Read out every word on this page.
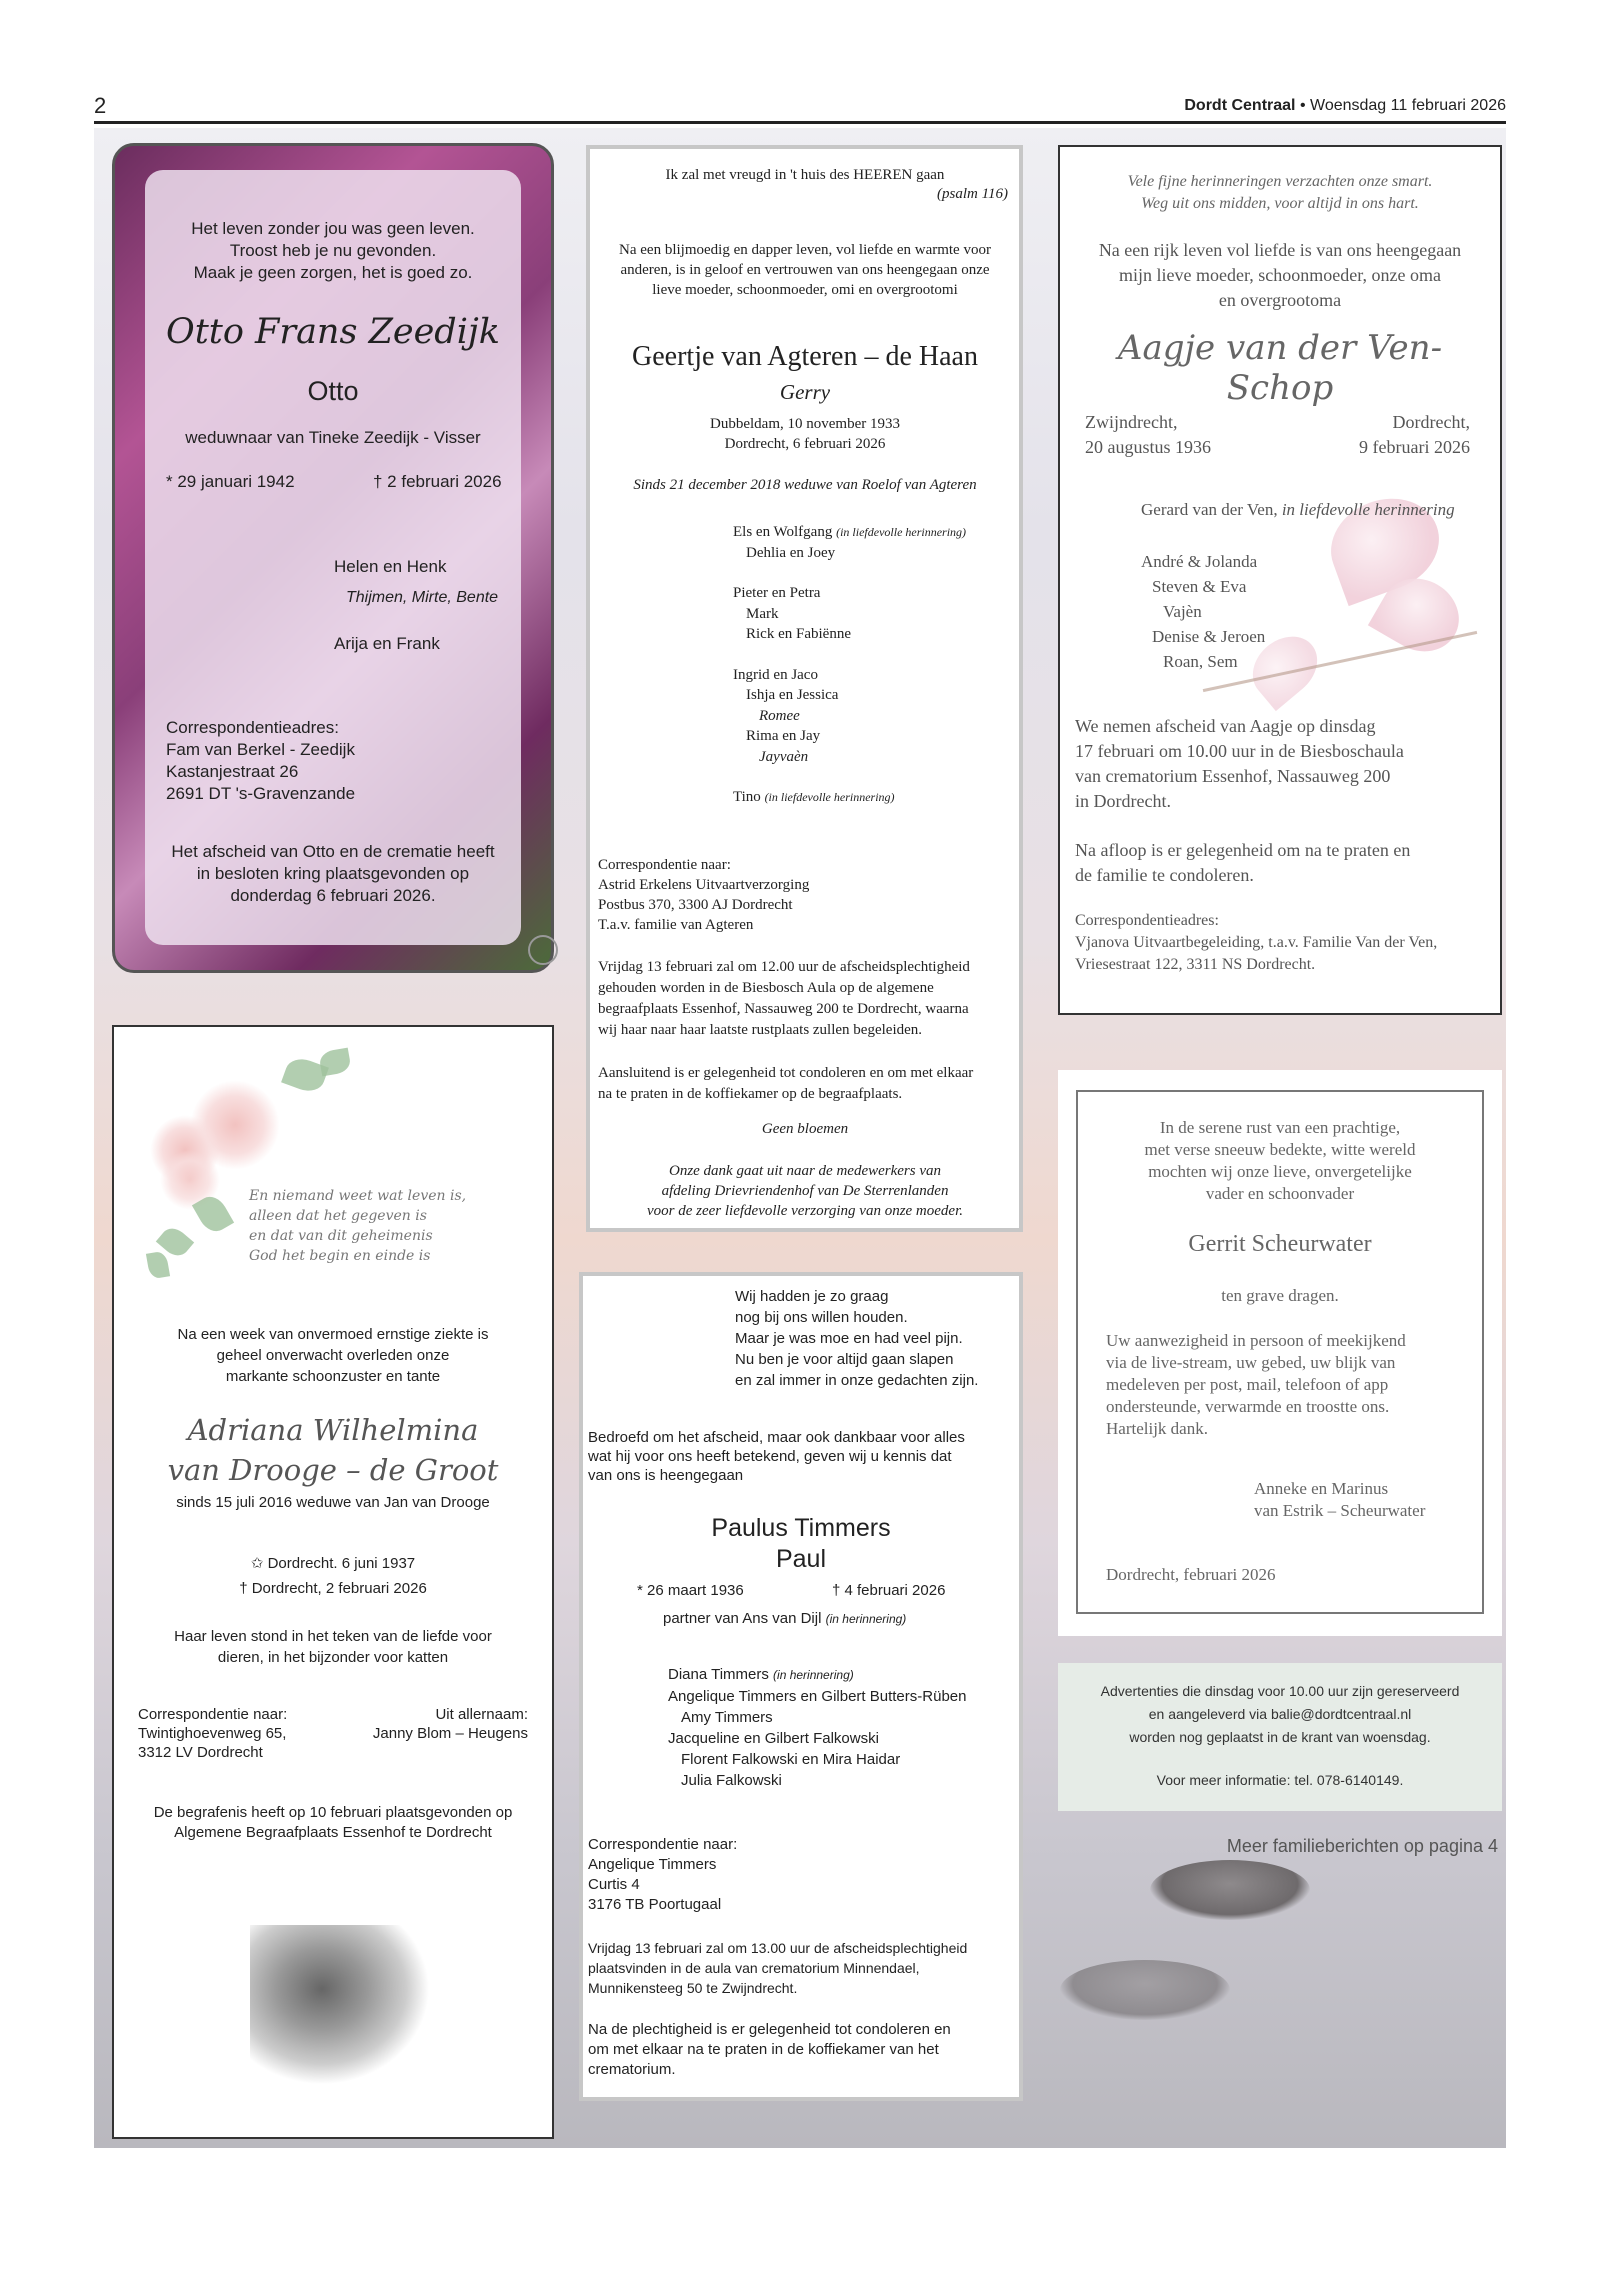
2	Dordt Centraal • Woensdag 11 februari 2026
Het leven zonder jou was geen leven.
Troost heb je nu gevonden.
Maak je geen zorgen, het is goed zo.
Otto Frans Zeedijk
Otto
weduwnaar van Tineke Zeedijk - Visser
* 29 januari 1942	† 2 februari 2026
Helen en Henk
Thijmen, Mirte, Bente
Arija en Frank
Correspondentieadres:
Fam van Berkel - Zeedijk
Kastanjestraat 26
2691 DT 's-Gravenzande
Het afscheid van Otto en de crematie heeft
in besloten kring plaatsgevonden op
donderdag 6 februari 2026.
Ik zal met vreugd in 't huis des HEEREN gaan
(psalm 116)
Na een blijmoedig en dapper leven, vol liefde en warmte voor
anderen, is in geloof en vertrouwen van ons heengegaan onze
lieve moeder, schoonmoeder, omi en overgrootomi
Geertje van Agteren – de Haan
Gerry
Dubbeldam, 10 november 1933
Dordrecht, 6 februari 2026
Sinds 21 december 2018 weduwe van Roelof van Agteren
Els en Wolfgang (in liefdevolle herinnering)
Dehlia en Joey
Pieter en Petra
Mark
Rick en Fabiënne
Ingrid en Jaco
Ishja en Jessica
Romee
Rima en Jay
Jayvaèn
Tino (in liefdevolle herinnering)
Correspondentie naar:
Astrid Erkelens Uitvaartverzorging
Postbus 370, 3300 AJ Dordrecht
T.a.v. familie van Agteren
Vrijdag 13 februari zal om 12.00 uur de afscheidsplechtigheid
gehouden worden in de Biesbosch Aula op de algemene
begraafplaats Essenhof, Nassauweg 200 te Dordrecht, waarna
wij haar naar haar laatste rustplaats zullen begeleiden.
Aansluitend is er gelegenheid tot condoleren en om met elkaar
na te praten in de koffiekamer op de begraafplaats.
Geen bloemen
Onze dank gaat uit naar de medewerkers van
afdeling Drievriendenhof van De Sterrenlanden
voor de zeer liefdevolle verzorging van onze moeder.
Vele fijne herinneringen verzachten onze smart.
Weg uit ons midden, voor altijd in ons hart.
Na een rijk leven vol liefde is van ons heengegaan
mijn lieve moeder, schoonmoeder, onze oma
en overgrootoma
Aagje van der Ven-Schop
Zwijndrecht,
20 augustus 1936
Dordrecht,
9 februari 2026
Gerard van der Ven, in liefdevolle herinnering
André & Jolanda
Steven & Eva
Vajèn
Denise & Jeroen
Roan, Sem
We nemen afscheid van Aagje op dinsdag
17 februari om 10.00 uur in de Biesboschaula
van crematorium Essenhof, Nassauweg 200
in Dordrecht.
Na afloop is er gelegenheid om na te praten en
de familie te condoleren.
Correspondentieadres:
Vjanova Uitvaartbegeleiding, t.a.v. Familie Van der Ven,
Vriesestraat 122, 3311 NS Dordrecht.
En niemand weet wat leven is,
alleen dat het gegeven is
en dat van dit geheimenis
God het begin en einde is
Na een week van onvermoed ernstige ziekte is
geheel onverwacht overleden onze
markante schoonzuster en tante
Adriana Wilhelmina
van Drooge – de Groot
sinds 15 juli 2016 weduwe van Jan van Drooge
✩ Dordrecht. 6 juni 1937
† Dordrecht, 2 februari 2026
Haar leven stond in het teken van de liefde voor
dieren, in het bijzonder voor katten
Correspondentie naar:
Twintighoevenweg 65,
3312 LV Dordrecht
Uit allernaam:
Janny Blom – Heugens
De begrafenis heeft op 10 februari plaatsgevonden op
Algemene Begraafplaats Essenhof te Dordrecht
Wij hadden je zo graag
nog bij ons willen houden.
Maar je was moe en had veel pijn.
Nu ben je voor altijd gaan slapen
en zal immer in onze gedachten zijn.
Bedroefd om het afscheid, maar ook dankbaar voor alles
wat hij voor ons heeft betekend, geven wij u kennis dat
van ons is heengegaan
Paulus Timmers
Paul
* 26 maart 1936	† 4 februari 2026
partner van Ans van Dijl (in herinnering)
Diana Timmers (in herinnering)
Angelique Timmers en Gilbert Butters-Rüben
Amy Timmers
Jacqueline en Gilbert Falkowski
Florent Falkowski en Mira Haidar
Julia Falkowski
Correspondentie naar:
Angelique Timmers
Curtis 4
3176 TB Poortugaal
Vrijdag 13 februari zal om 13.00 uur de afscheidsplechtigheid
plaatsvinden in de aula van crematorium Minnendael,
Munnikensteeg 50 te Zwijndrecht.
Na de plechtigheid is er gelegenheid tot condoleren en
om met elkaar na te praten in de koffiekamer van het
crematorium.
In de serene rust van een prachtige,
met verse sneeuw bedekte, witte wereld
mochten wij onze lieve, onvergetelijke
vader en schoonvader
Gerrit Scheurwater
ten grave dragen.
Uw aanwezigheid in persoon of meekijkend
via de live-stream, uw gebed, uw blijk van
medeleven per post, mail, telefoon of app
ondersteunde, verwarmde en troostte ons.
Hartelijk dank.
Anneke en Marinus
van Estrik – Scheurwater
Dordrecht, februari 2026
Advertenties die dinsdag voor 10.00 uur zijn gereserveerd
en aangeleverd via balie@dordtcentraal.nl
worden nog geplaatst in de krant van woensdag.
Voor meer informatie: tel. 078-6140149.
Meer familieberichten op pagina 4
